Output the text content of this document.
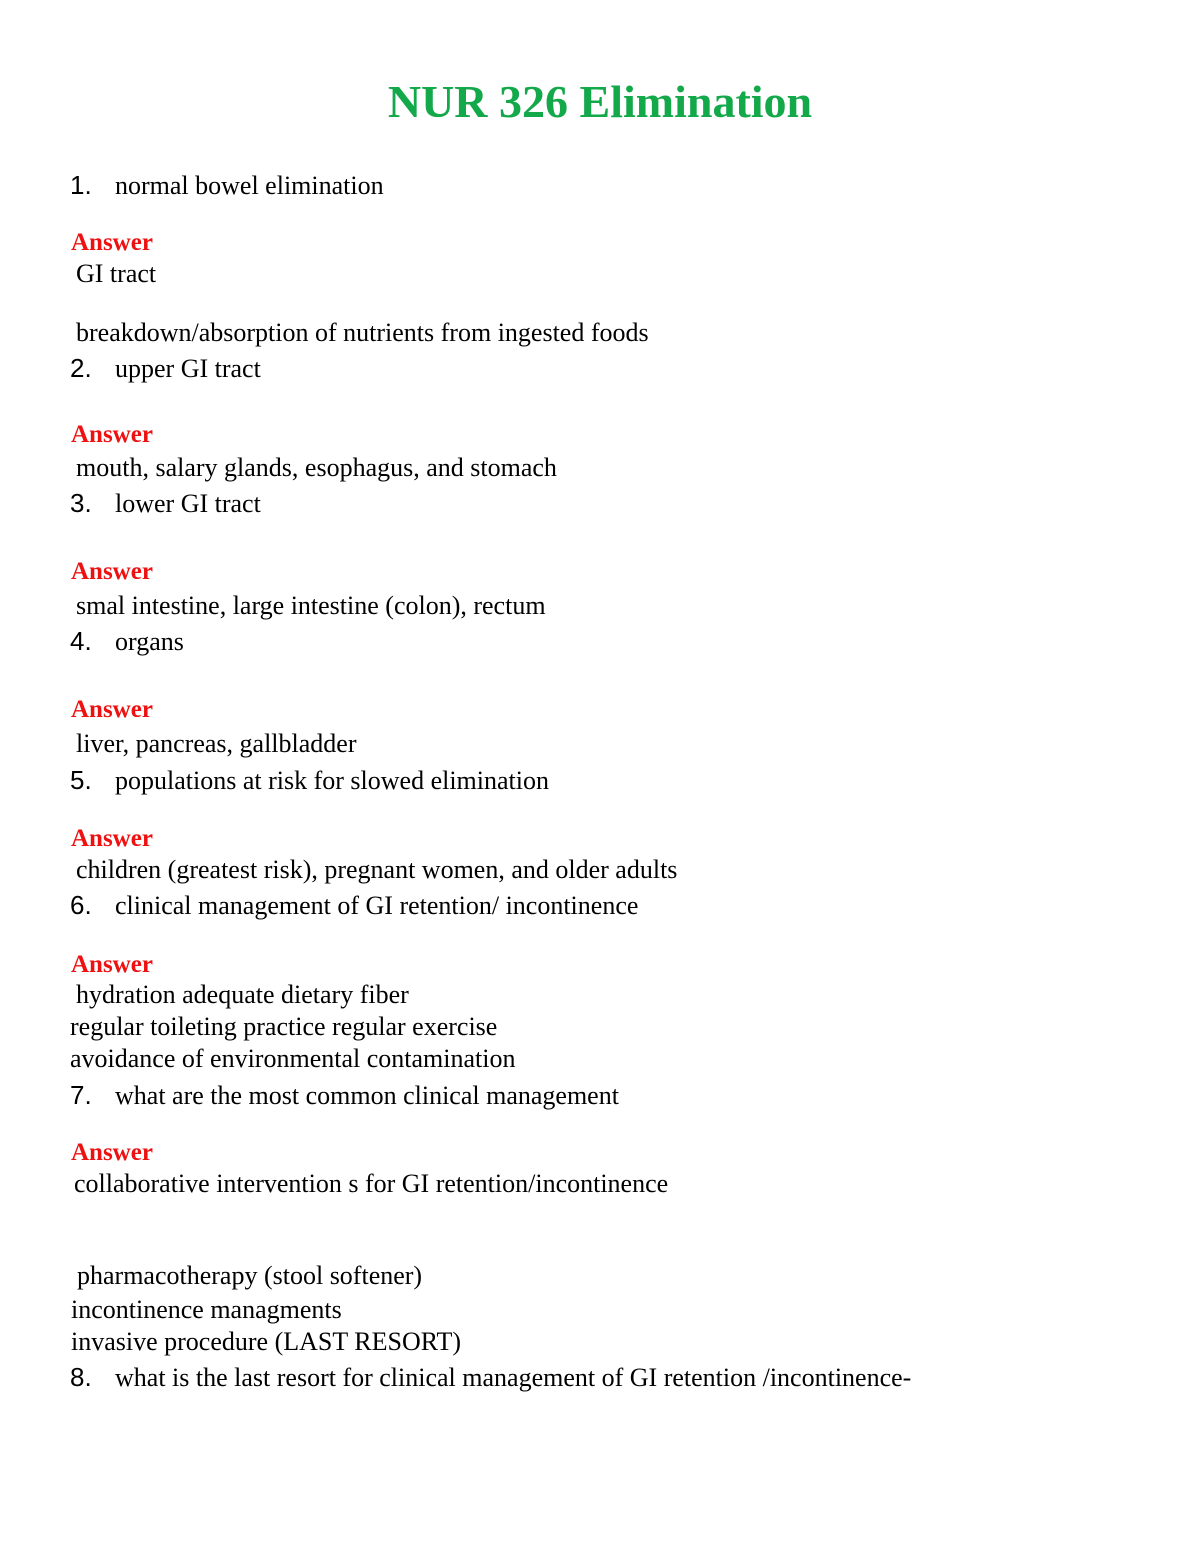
NUR 326 Elimination
1. normal bowel elimination
Answer
GI tract
breakdown/absorption of nutrients from ingested foods
2. upper GI tract
Answer
mouth, salary glands, esophagus, and stomach
3. lower GI tract
Answer
smal intestine, large intestine (colon), rectum
4. organs
Answer
liver, pancreas, gallbladder
5. populations at risk for slowed elimination
Answer
children (greatest risk), pregnant women, and older adults
6. clinical management of GI retention/ incontinence
Answer
hydration adequate dietary fiber
regular toileting practice regular exercise
avoidance of environmental contamination
7. what are the most common clinical management
Answer
collaborative intervention s for GI retention/incontinence
pharmacotherapy (stool softener)
incontinence managments
invasive procedure (LAST RESORT)
8. what is the last resort for clinical management of GI retention /incontinence-
